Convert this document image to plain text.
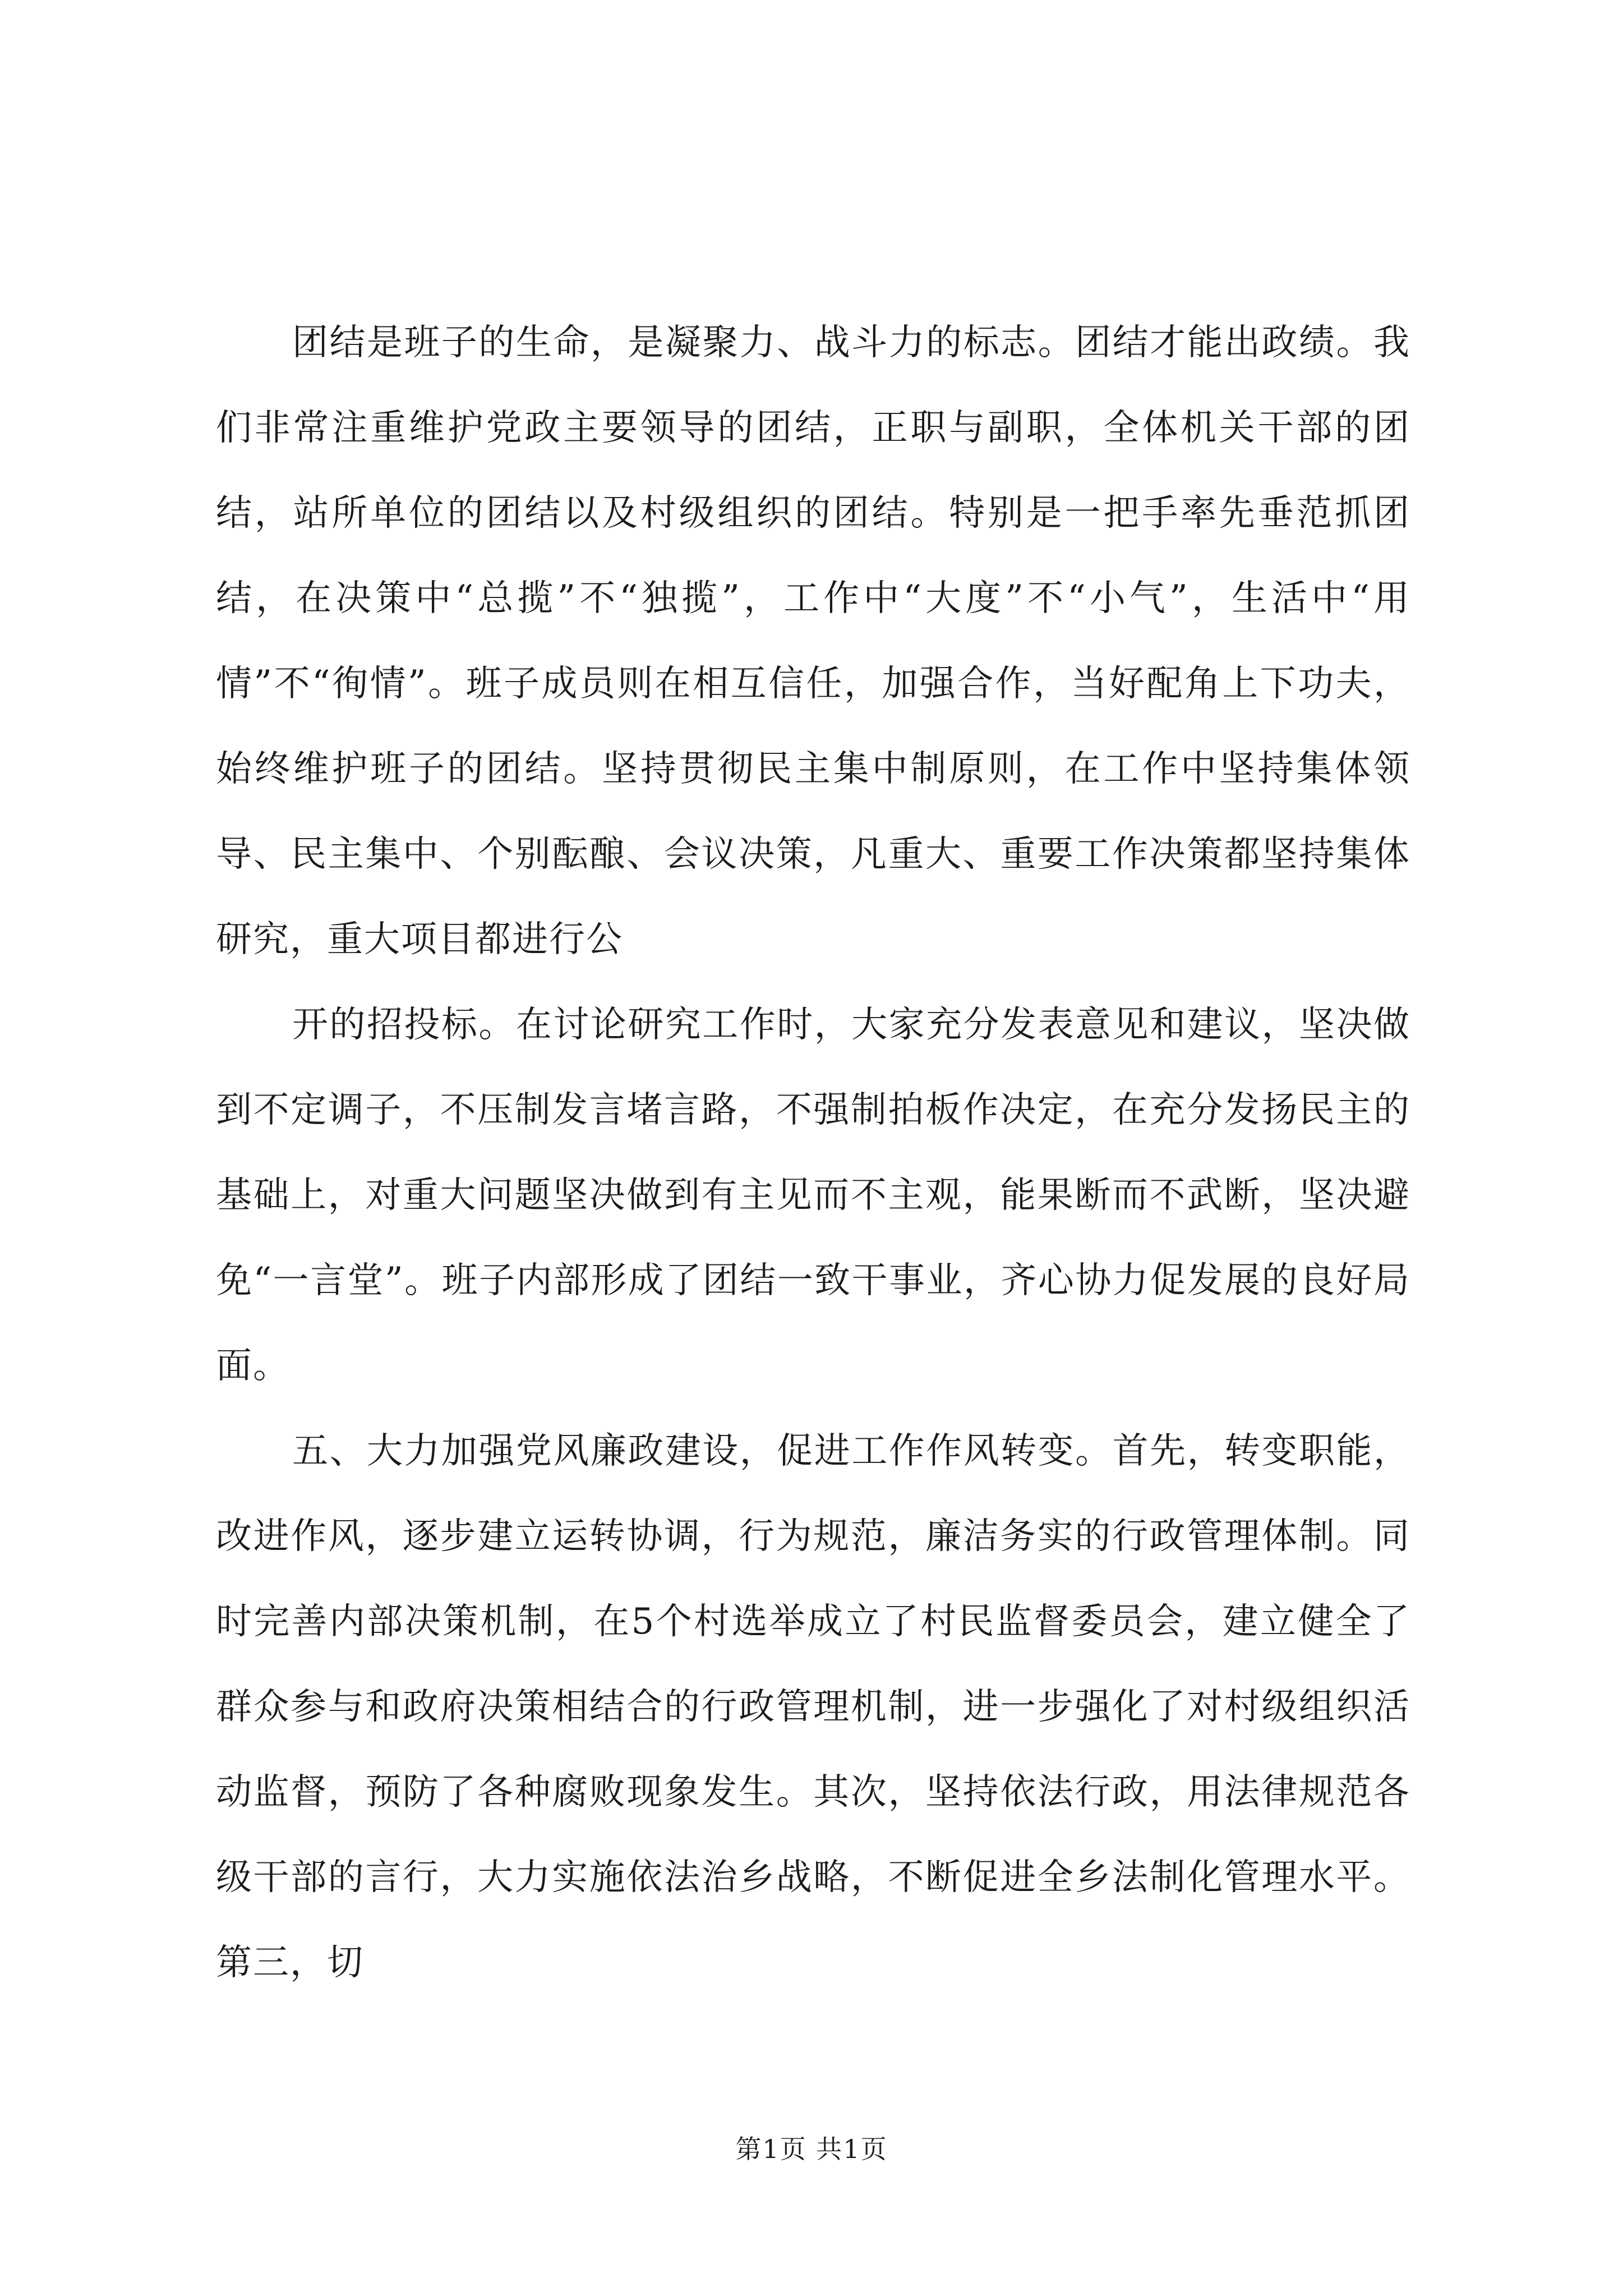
团结是班子的生命，是凝聚力、战斗力的标志。团结才能出政绩。我们非常注重维护党政主要领导的团结，正职与副职，全体机关干部的团结，站所单位的团结以及村级组织的团结。特别是一把手率先垂范抓团结，在决策中“总揽”不“独揽”，工作中“大度”不“小气”，生活中“用情”不“徇情”。班子成员则在相互信任，加强合作，当好配角上下功夫，始终维护班子的团结。坚持贯彻民主集中制原则，在工作中坚持集体领导、民主集中、个别酝酿、会议决策，凡重大、重要工作决策都坚持集体研究，重大项目都进行公

开的招投标。在讨论研究工作时，大家充分发表意见和建议，坚决做到不定调子，不压制发言堵言路，不强制拍板作决定，在充分发扬民主的基础上，对重大问题坚决做到有主见而不主观，能果断而不武断，坚决避免“一言堂”。班子内部形成了团结一致干事业，齐心协力促发展的良好局面。

五、大力加强党风廉政建设，促进工作作风转变。首先，转变职能，改进作风，逐步建立运转协调，行为规范，廉洁务实的行政管理体制。同时完善内部决策机制，在5个村选举成立了村民监督委员会，建立健全了群众参与和政府决策相结合的行政管理机制，进一步强化了对村级组织活动监督，预防了各种腐败现象发生。其次，坚持依法行政，用法律规范各级干部的言行，大力实施依法治乡战略，不断促进全乡法制化管理水平。第三，切

第1页 共1页
